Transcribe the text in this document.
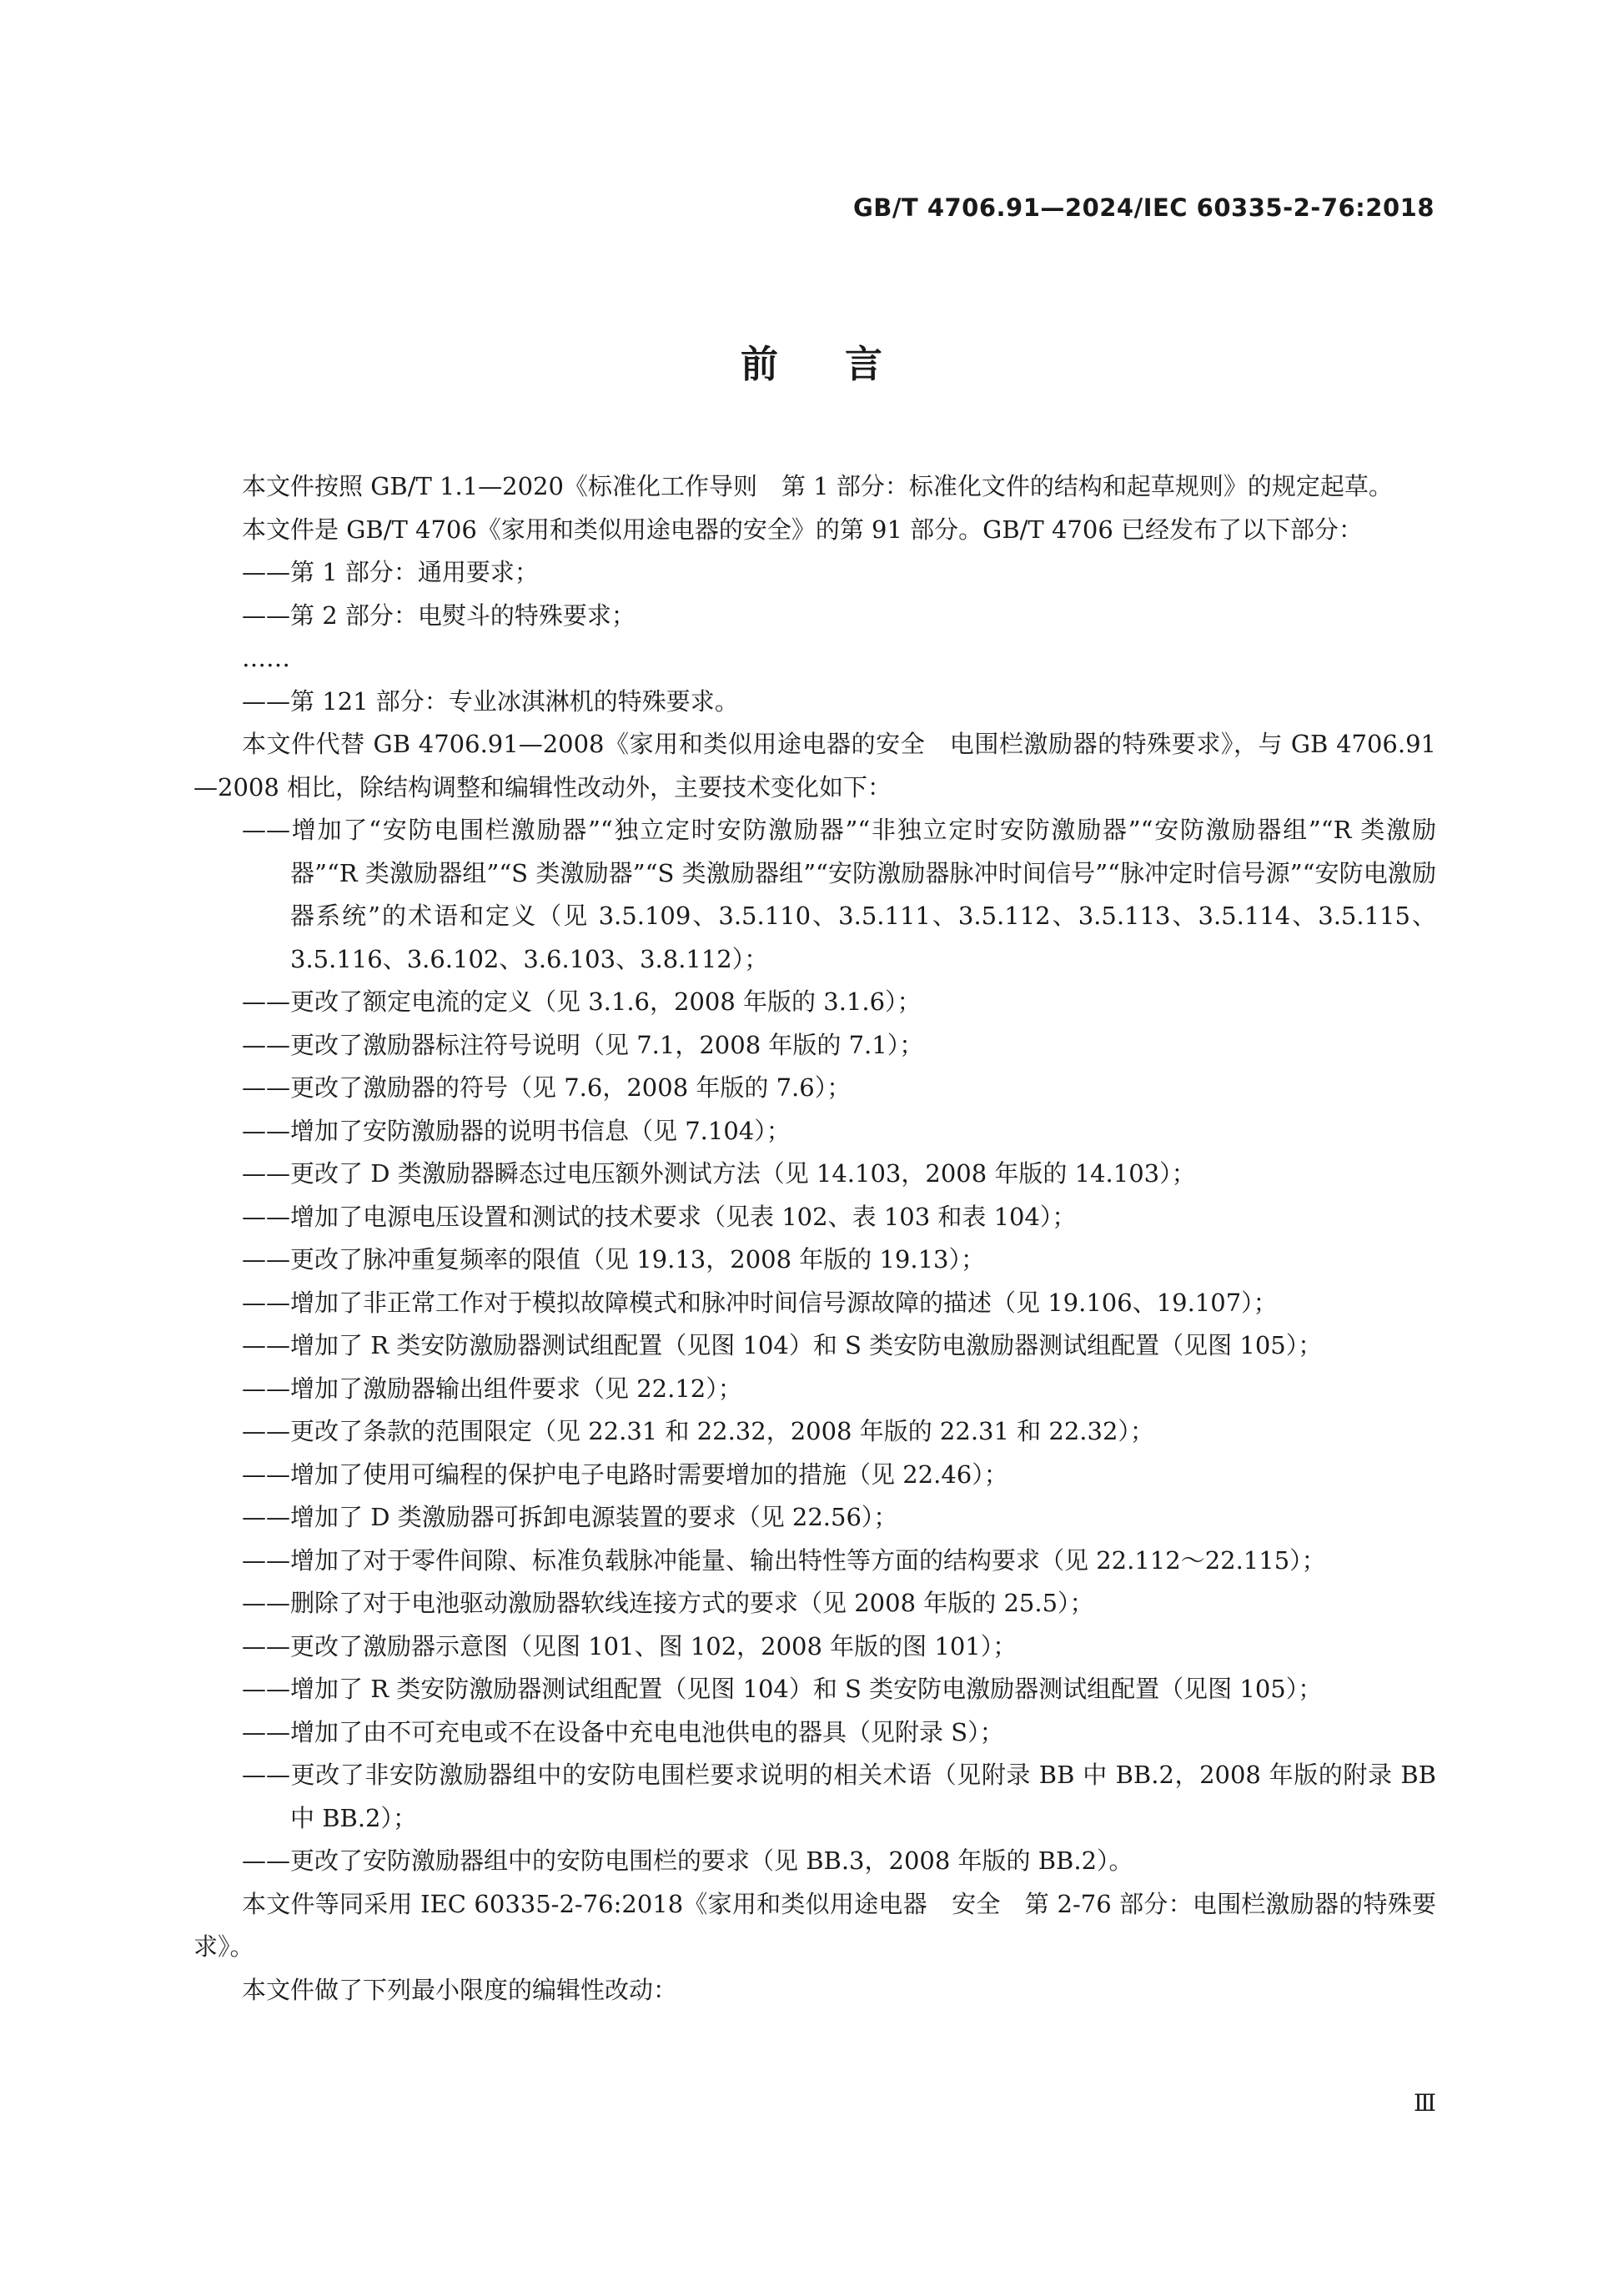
GB/T 4706.91—2024/IEC 60335-2-76:2018
前言

本文件按照 GB/T 1.1—2020《标准化工作导则　第 1 部分：标准化文件的结构和起草规则》的规定起草。

本文件是 GB/T 4706《家用和类似用途电器的安全》的第 91 部分。GB/T 4706 已经发布了以下部分：

——第 1 部分：通用要求；

——第 2 部分：电熨斗的特殊要求；

……

——第 121 部分：专业冰淇淋机的特殊要求。

本文件代替 GB 4706.91—2008《家用和类似用途电器的安全　电围栏激励器的特殊要求》，与 GB 4706.91—2008 相比，除结构调整和编辑性改动外，主要技术变化如下：

——增加了“安防电围栏激励器”“独立定时安防激励器”“非独立定时安防激励器”“安防激励器组”“R 类激励器”“R 类激励器组”“S 类激励器”“S 类激励器组”“安防激励器脉冲时间信号”“脉冲定时信号源”“安防电激励器系统”的术语和定义（见 3.5.109、3.5.110、3.5.111、3.5.112、3.5.113、3.5.114、3.5.115、3.5.116、3.6.102、3.6.103、3.8.112）；

——更改了额定电流的定义（见 3.1.6，2008 年版的 3.1.6）；

——更改了激励器标注符号说明（见 7.1，2008 年版的 7.1）；

——更改了激励器的符号（见 7.6，2008 年版的 7.6）；

——增加了安防激励器的说明书信息（见 7.104）；

——更改了 D 类激励器瞬态过电压额外测试方法（见 14.103，2008 年版的 14.103）；

——增加了电源电压设置和测试的技术要求（见表 102、表 103 和表 104）；

——更改了脉冲重复频率的限值（见 19.13，2008 年版的 19.13）；

——增加了非正常工作对于模拟故障模式和脉冲时间信号源故障的描述（见 19.106、19.107）；

——增加了 R 类安防激励器测试组配置（见图 104）和 S 类安防电激励器测试组配置（见图 105）；

——增加了激励器输出组件要求（见 22.12）；

——更改了条款的范围限定（见 22.31 和 22.32，2008 年版的 22.31 和 22.32）；

——增加了使用可编程的保护电子电路时需要增加的措施（见 22.46）；

——增加了 D 类激励器可拆卸电源装置的要求（见 22.56）；

——增加了对于零件间隙、标准负载脉冲能量、输出特性等方面的结构要求（见 22.112～22.115）；

——删除了对于电池驱动激励器软线连接方式的要求（见 2008 年版的 25.5）；

——更改了激励器示意图（见图 101、图 102，2008 年版的图 101）；

——增加了 R 类安防激励器测试组配置（见图 104）和 S 类安防电激励器测试组配置（见图 105）；

——增加了由不可充电或不在设备中充电电池供电的器具（见附录 S）；

——更改了非安防激励器组中的安防电围栏要求说明的相关术语（见附录 BB 中 BB.2，2008 年版的附录 BB 中 BB.2）；

——更改了安防激励器组中的安防电围栏的要求（见 BB.3，2008 年版的 BB.2）。

本文件等同采用 IEC 60335-2-76:2018《家用和类似用途电器　安全　第 2-76 部分：电围栏激励器的特殊要求》。

本文件做了下列最小限度的编辑性改动：

Ⅲ
